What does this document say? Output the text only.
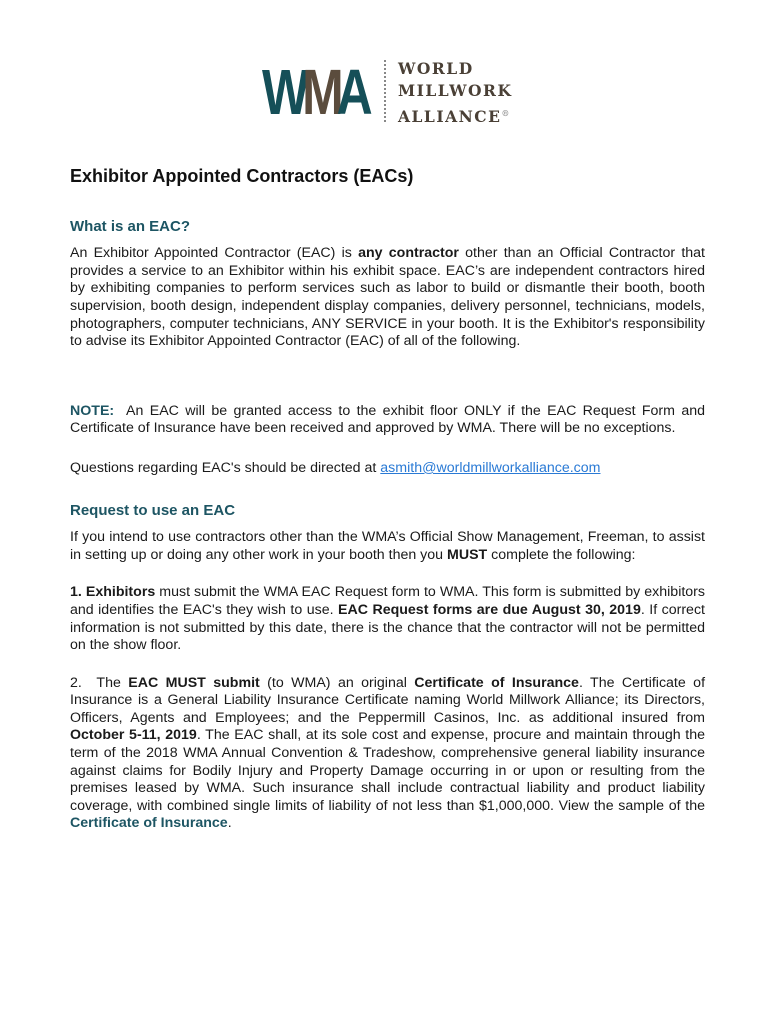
WMA WORLD
MILLWORK
ALLIANCE®
Exhibitor Appointed Contractors (EACs)
What is an EAC?

An Exhibitor Appointed Contractor (EAC) is any contractor other than an Official Contractor that provides a service to an Exhibitor within his exhibit space. EAC’s are independent contractors hired by exhibiting companies to perform services such as labor to build or dismantle their booth, booth supervision, booth design, independent display companies, delivery personnel, technicians, models, photographers, computer technicians, ANY SERVICE in your booth. It is the Exhibitor's responsibility to advise its Exhibitor Appointed Contractor (EAC) of all of the following.

NOTE:  An EAC will be granted access to the exhibit floor ONLY if the EAC Request Form and Certificate of Insurance have been received and approved by WMA. There will be no exceptions.

Questions regarding EAC's should be directed at asmith@worldmillworkalliance.com

Request to use an EAC

If you intend to use contractors other than the WMA’s Official Show Management, Freeman, to assist in setting up or doing any other work in your booth then you MUST complete the following:

1. Exhibitors must submit the WMA EAC Request form to WMA. This form is submitted by exhibitors and identifies the EAC's they wish to use. EAC Request forms are due August 30, 2019. If correct information is not submitted by this date, there is the chance that the contractor will not be permitted on the show floor.

2.  The EAC MUST submit (to WMA) an original Certificate of Insurance. The Certificate of Insurance is a General Liability Insurance Certificate naming World Millwork Alliance; its Directors, Officers, Agents and Employees; and the Peppermill Casinos, Inc. as additional insured from October 5-11, 2019. The EAC shall, at its sole cost and expense, procure and maintain through the term of the 2018 WMA Annual Convention & Tradeshow, comprehensive general liability insurance against claims for Bodily Injury and Property Damage occurring in or upon or resulting from the premises leased by WMA. Such insurance shall include contractual liability and product liability coverage, with combined single limits of liability of not less than $1,000,000. View the sample of the Certificate of Insurance.
